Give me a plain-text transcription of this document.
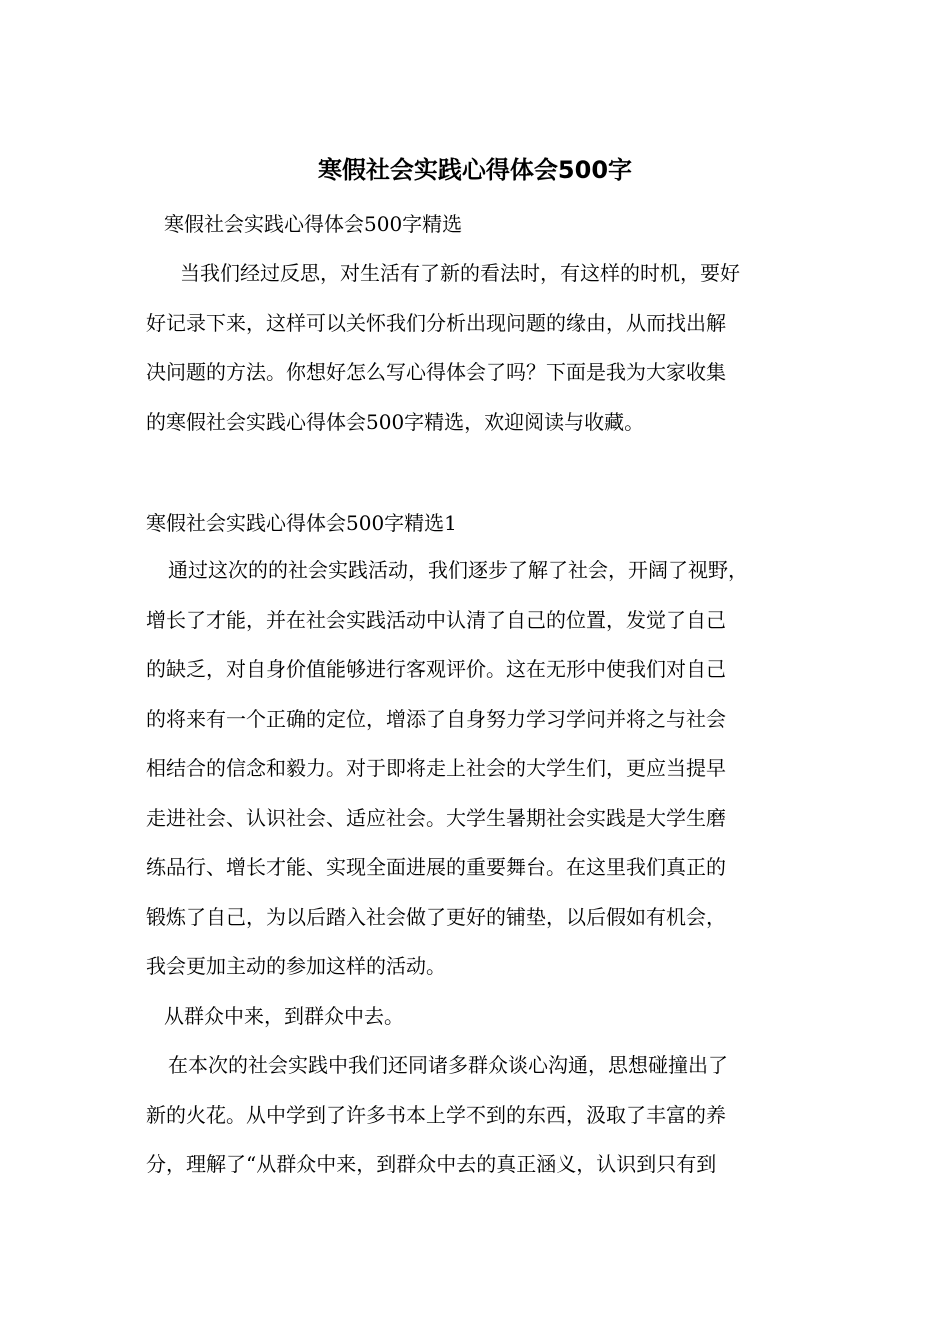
寒假社会实践心得体会500字
寒假社会实践心得体会500字精选
当我们经过反思，对生活有了新的看法时，有这样的时机，要好
好记录下来，这样可以关怀我们分析出现问题的缘由，从而找出解
决问题的方法。你想好怎么写心得体会了吗？下面是我为大家收集
的寒假社会实践心得体会500字精选，欢迎阅读与收藏。
寒假社会实践心得体会500字精选1
通过这次的的社会实践活动，我们逐步了解了社会，开阔了视野，
增长了才能，并在社会实践活动中认清了自己的位置，发觉了自己
的缺乏，对自身价值能够进行客观评价。这在无形中使我们对自己
的将来有一个正确的定位，增添了自身努力学习学问并将之与社会
相结合的信念和毅力。对于即将走上社会的大学生们，更应当提早
走进社会、认识社会、适应社会。大学生暑期社会实践是大学生磨
练品行、增长才能、实现全面进展的重要舞台。在这里我们真正的
锻炼了自己，为以后踏入社会做了更好的铺垫，以后假如有机会，
我会更加主动的参加这样的活动。
从群众中来，到群众中去。
在本次的社会实践中我们还同诸多群众谈心沟通，思想碰撞出了
新的火花。从中学到了许多书本上学不到的东西，汲取了丰富的养
分，理解了“从群众中来，到群众中去的真正涵义，认识到只有到
